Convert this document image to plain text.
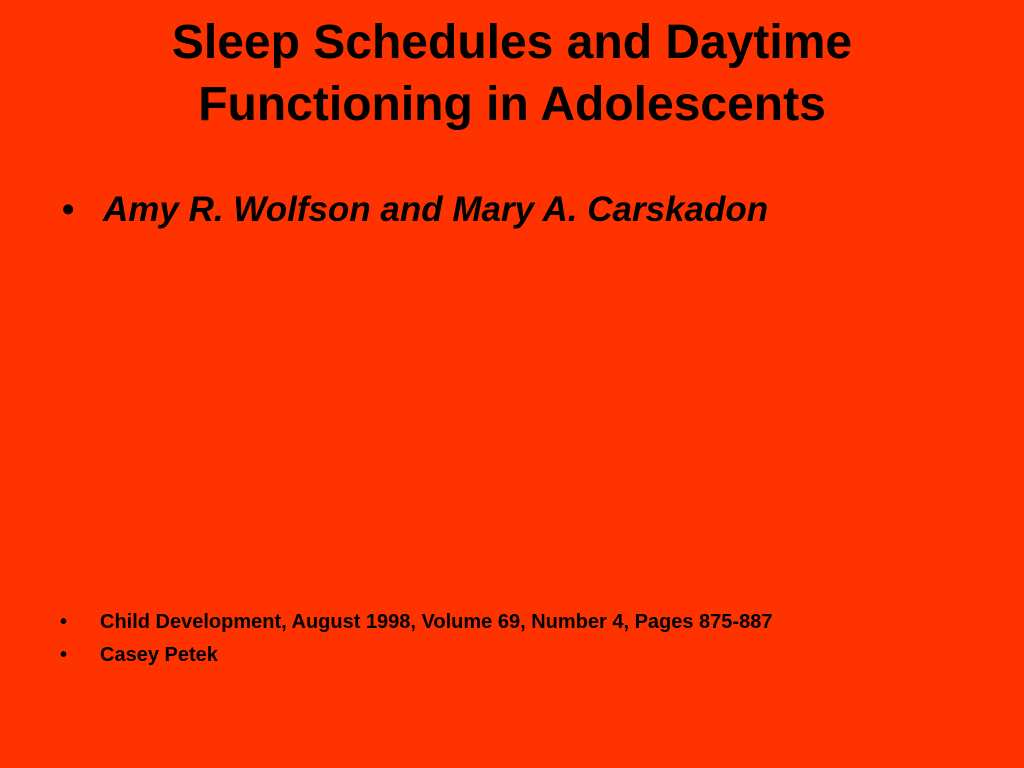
Sleep Schedules and Daytime
Functioning in Adolescents
• Amy R. Wolfson and Mary A. Carskadon
• Child Development, August 1998, Volume 69, Number 4, Pages 875-887
• Casey Petek
